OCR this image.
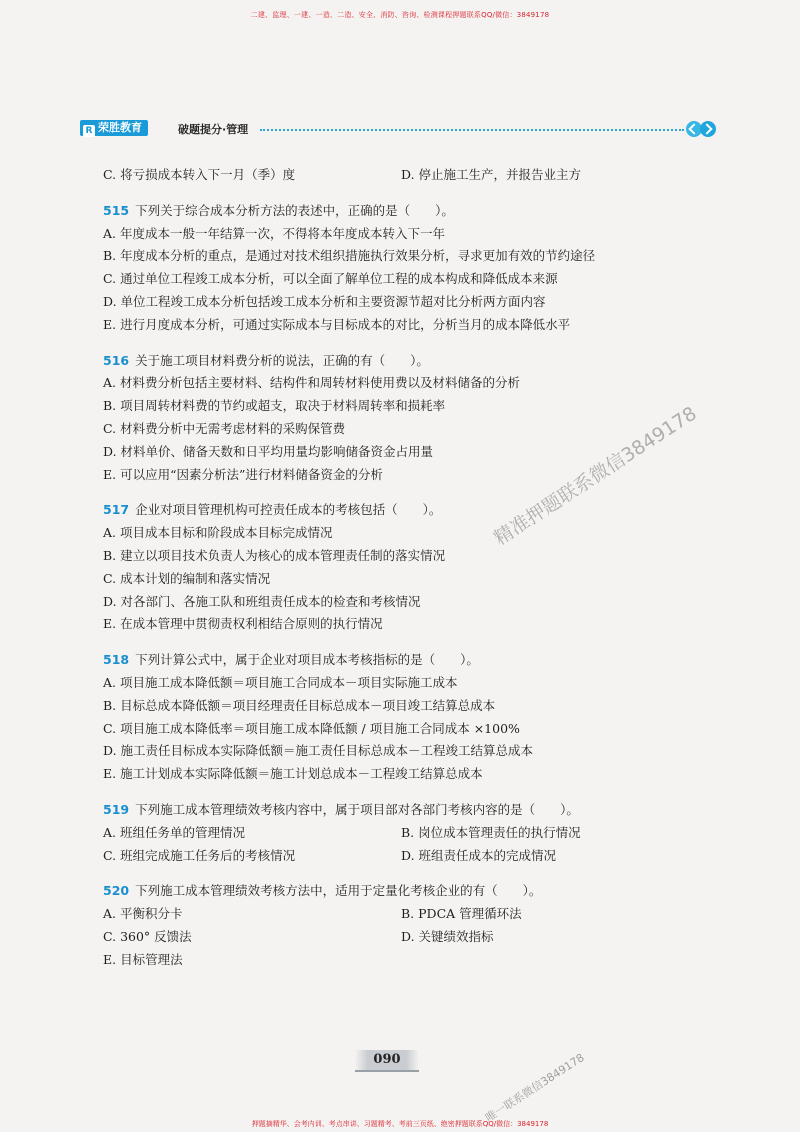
二建、监理、一建、一造、二造、安全、消防、咨询、检测课程押题联系QQ/微信：3849178
R 荣胜教育	破题提分·管理
C. 将亏损成本转入下一月（季）度	D. 停止施工生产，并报告业主方
515 下列关于综合成本分析方法的表述中，正确的是（　　）。
A. 年度成本一般一年结算一次，不得将本年度成本转入下一年
B. 年度成本分析的重点，是通过对技术组织措施执行效果分析，寻求更加有效的节约途径
C. 通过单位工程竣工成本分析，可以全面了解单位工程的成本构成和降低成本来源
D. 单位工程竣工成本分析包括竣工成本分析和主要资源节超对比分析两方面内容
E. 进行月度成本分析，可通过实际成本与目标成本的对比，分析当月的成本降低水平
516 关于施工项目材料费分析的说法，正确的有（　　）。
A. 材料费分析包括主要材料、结构件和周转材料使用费以及材料储备的分析
B. 项目周转材料费的节约或超支，取决于材料周转率和损耗率
C. 材料费分析中无需考虑材料的采购保管费
D. 材料单价、储备天数和日平均用量均影响储备资金占用量
E. 可以应用“因素分析法”进行材料储备资金的分析
517 企业对项目管理机构可控责任成本的考核包括（　　）。
A. 项目成本目标和阶段成本目标完成情况
B. 建立以项目技术负责人为核心的成本管理责任制的落实情况
C. 成本计划的编制和落实情况
D. 对各部门、各施工队和班组责任成本的检查和考核情况
E. 在成本管理中贯彻责权利相结合原则的执行情况
518 下列计算公式中，属于企业对项目成本考核指标的是（　　）。
A. 项目施工成本降低额＝项目施工合同成本－项目实际施工成本
B. 目标总成本降低额＝项目经理责任目标总成本－项目竣工结算总成本
C. 项目施工成本降低率＝项目施工成本降低额 / 项目施工合同成本 ×100%
D. 施工责任目标成本实际降低额＝施工责任目标总成本－工程竣工结算总成本
E. 施工计划成本实际降低额＝施工计划总成本－工程竣工结算总成本
519 下列施工成本管理绩效考核内容中，属于项目部对各部门考核内容的是（　　）。
A. 班组任务单的管理情况	B. 岗位成本管理责任的执行情况
C. 班组完成施工任务后的考核情况	D. 班组责任成本的完成情况
520 下列施工成本管理绩效考核方法中，适用于定量化考核企业的有（　　）。
A. 平衡积分卡	B. PDCA 管理循环法
C. 360° 反馈法	D. 关键绩效指标
E. 目标管理法
精准押题联系微信3849178
090	唯一联系微信3849178
押题摘精华、会考内训、考点串讲、习题精考、考前三页纸、绝密押题联系QQ/微信：3849178
